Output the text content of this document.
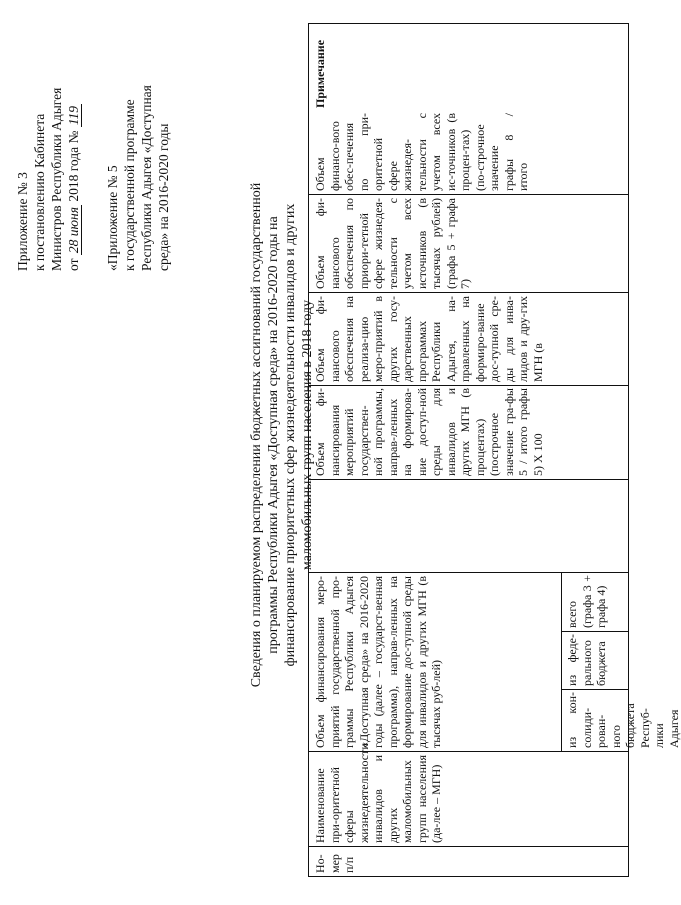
Приложение № 3 к постановлению Кабинета Министров Республики Адыгея от 28 июня 2018 года № 119
«Приложение № 5 к государственной программе Республики Адыгея «Доступная среда» на 2016-2020 годы	Сведения о планируемом распределении бюджетных ассигнований государственной программы Республики Адыгея «Доступная среда» на 2016-2020 годы на финансирование приоритетных сфер жизнедеятельности инвалидов и других маломобильных групп населения в 2018 году
Но-мер п/п
Наименование при-оритетной сферы жизнедеятельности инвалидов и других маломобильных групп населения (да-лее – МГН)
Объем финансирования меро-приятий государственной про-граммы Республики Адыгея «Доступная среда» на 2016-2020 годы (далее – государст-венная программа), направ-ленных на формирование дос-тупной среды для инвалидов и других МГН (в тысячах руб-лей)	из кон-солиди-рован-ного бюджета Респуб-лики Адыгея
из феде-рального бюджета
всего (графа 3 + графа 4)
Объем фи-нансирования мероприятий государствен-ной программы, направ-ленных на формирова-ние доступ-ной среды для инвалидов и других МГН (в процентах) (построчное значение гра-фы 5 / итого графы 5) Х 100
Объем фи-нансового обеспечения на реализа-цию меро-приятий в других госу-дарственных программах Республики Адыгея, на-правленных на формиро-вание дос-тупной сре-ды для инва-лидов и дру-гих МГН (в
Объем фи-нансового обеспечения по приори-тетной сфере жизнедея-тельности с учетом всех источников (в тысячах рублей) (графа 5 + графа 7)
Объем финансо-вого обес-печения по при-оритетной сфере жизнедея-тельности с учетом всех ис-точников (в процен-тах) (по-строчное значение графы 8 / итого
Примечание
